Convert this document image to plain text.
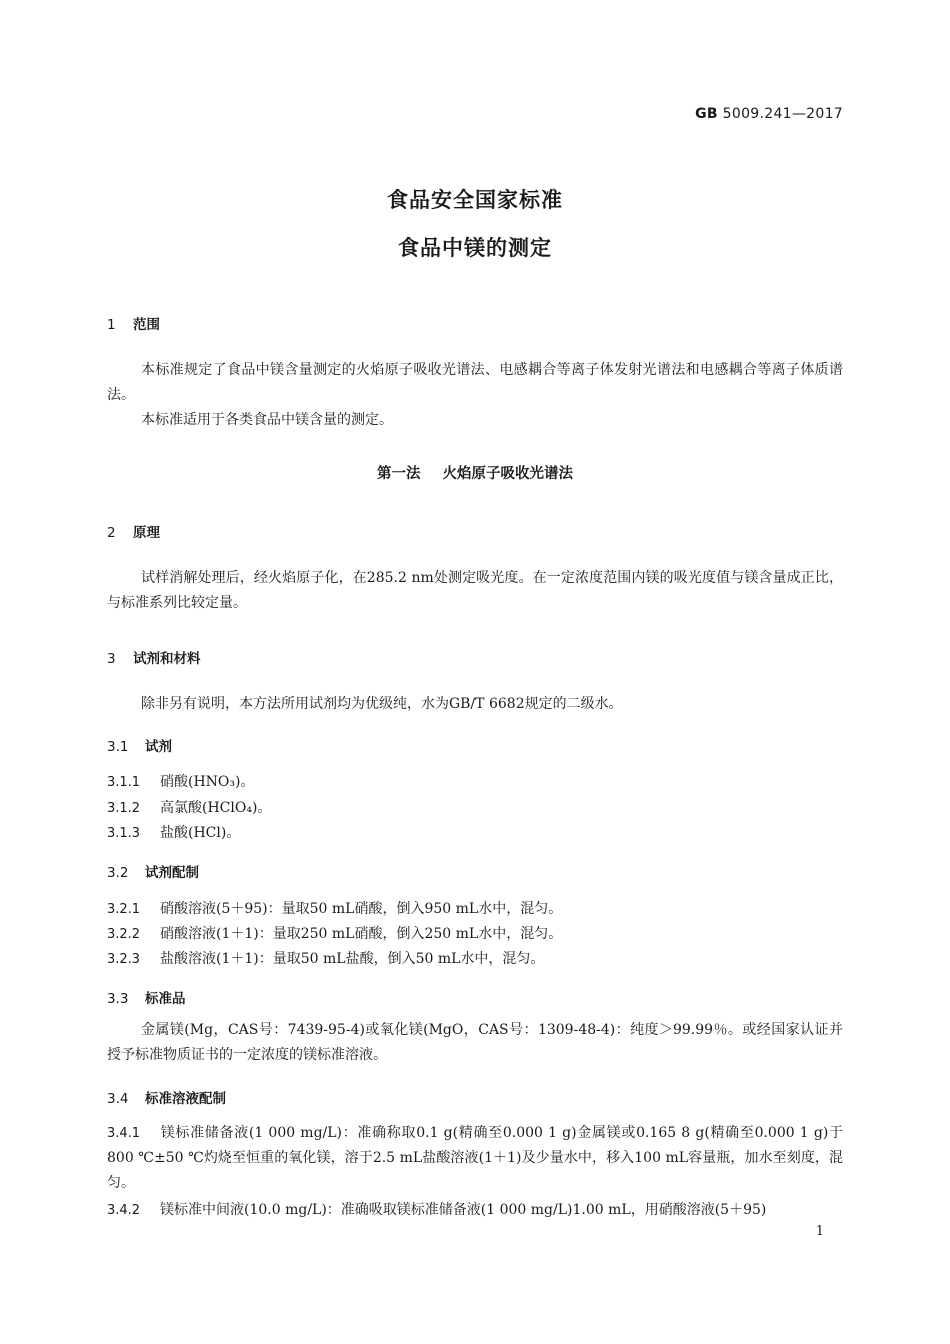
GB 5009.241—2017
食品安全国家标准
食品中镁的测定
1 范围
本标准规定了食品中镁含量测定的火焰原子吸收光谱法、电感耦合等离子体发射光谱法和电感耦合等离子体质谱法。
本标准适用于各类食品中镁含量的测定。
第一法 火焰原子吸收光谱法
2 原理
试样消解处理后，经火焰原子化，在285.2 nm处测定吸光度。在一定浓度范围内镁的吸光度值与镁含量成正比，与标准系列比较定量。
3 试剂和材料
除非另有说明，本方法所用试剂均为优级纯，水为GB/T 6682规定的二级水。
3.1 试剂
3.1.1 硝酸(HNO₃)。
3.1.2 高氯酸(HClO₄)。
3.1.3 盐酸(HCl)。
3.2 试剂配制
3.2.1 硝酸溶液(5＋95)：量取50 mL硝酸，倒入950 mL水中，混匀。
3.2.2 硝酸溶液(1＋1)：量取250 mL硝酸，倒入250 mL水中，混匀。
3.2.3 盐酸溶液(1＋1)：量取50 mL盐酸，倒入50 mL水中，混匀。
3.3 标准品
金属镁(Mg，CAS号：7439-95-4)或氧化镁(MgO，CAS号：1309-48-4)：纯度＞99.99％。或经国家认证并授予标准物质证书的一定浓度的镁标准溶液。
3.4 标准溶液配制
3.4.1 镁标准储备液(1 000 mg/L)：准确称取0.1 g(精确至0.000 1 g)金属镁或0.165 8 g(精确至0.000 1 g)于800 ℃±50 ℃灼烧至恒重的氧化镁，溶于2.5 mL盐酸溶液(1＋1)及少量水中，移入100 mL容量瓶，加水至刻度，混匀。
3.4.2 镁标准中间液(10.0 mg/L)：准确吸取镁标准储备液(1 000 mg/L)1.00 mL，用硝酸溶液(5＋95)
1
